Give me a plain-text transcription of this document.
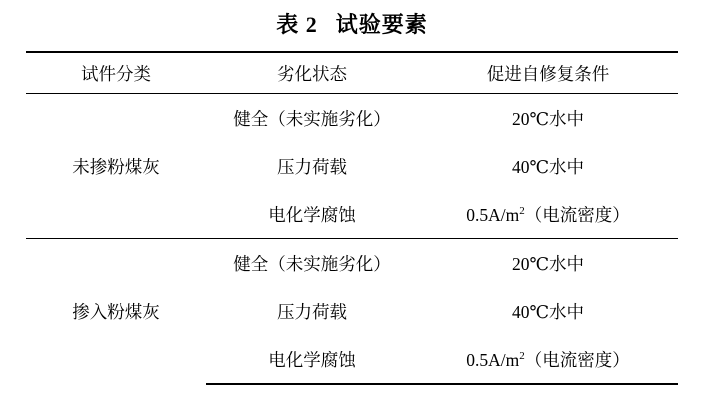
表 2 试验要素
试件分类	劣化状态	促进自修复条件
未掺粉煤灰	健全（未实施劣化）	20℃水中
	压力荷载	40℃水中
	电化学腐蚀	$0.5A/m^2$（电流密度）
掺入粉煤灰	健全（未实施劣化）	20℃水中
	压力荷载	40℃水中
	电化学腐蚀	$0.5A/m^2$（电流密度）
